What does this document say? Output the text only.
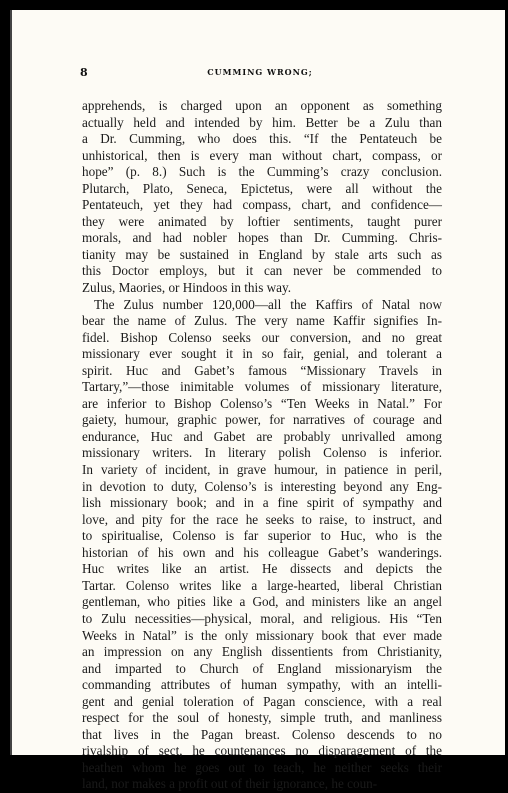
8	CUMMING WRONG;
apprehends, is charged upon an opponent as something
actually held and intended by him. Better be a Zulu than
a Dr. Cumming, who does this. “If the Pentateuch be
unhistorical, then is every man without chart, compass, or
hope” (p. 8.) Such is the Cumming’s crazy conclusion.
Plutarch, Plato, Seneca, Epictetus, were all without the
Pentateuch, yet they had compass, chart, and confidence—
they were animated by loftier sentiments, taught purer
morals, and had nobler hopes than Dr. Cumming. Chris-
tianity may be sustained in England by stale arts such as
this Doctor employs, but it can never be commended to
Zulus, Maories, or Hindoos in this way.
The Zulus number 120,000—all the Kaffirs of Natal now
bear the name of Zulus. The very name Kaffir signifies In-
fidel. Bishop Colenso seeks our conversion, and no great
missionary ever sought it in so fair, genial, and tolerant a
spirit. Huc and Gabet’s famous “Missionary Travels in
Tartary,”—those inimitable volumes of missionary literature,
are inferior to Bishop Colenso’s “Ten Weeks in Natal.” For
gaiety, humour, graphic power, for narratives of courage and
endurance, Huc and Gabet are probably unrivalled among
missionary writers. In literary polish Colenso is inferior.
In variety of incident, in grave humour, in patience in peril,
in devotion to duty, Colenso’s is interesting beyond any Eng-
lish missionary book; and in a fine spirit of sympathy and
love, and pity for the race he seeks to raise, to instruct, and
to spiritualise, Colenso is far superior to Huc, who is the
historian of his own and his colleague Gabet’s wanderings.
Huc writes like an artist. He dissects and depicts the
Tartar. Colenso writes like a large-hearted, liberal Christian
gentleman, who pities like a God, and ministers like an angel
to Zulu necessities—physical, moral, and religious. His “Ten
Weeks in Natal” is the only missionary book that ever made
an impression on any English dissentients from Christianity,
and imparted to Church of England missionaryism the
commanding attributes of human sympathy, with an intelli-
gent and genial toleration of Pagan conscience, with a real
respect for the soul of honesty, simple truth, and manliness
that lives in the Pagan breast. Colenso descends to no
rivalship of sect, he countenances no disparagement of the
heathen whom he goes out to teach, he neither seeks their
land, nor makes a profit out of their ignorance, he coun-
